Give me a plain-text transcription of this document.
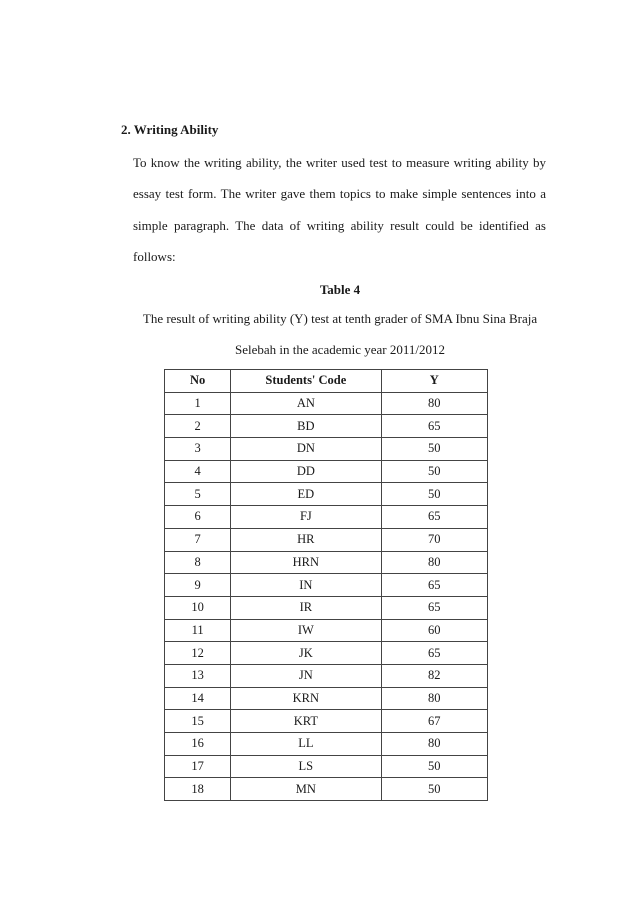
2. Writing Ability

To know the writing ability, the writer used test to measure writing ability by essay test form. The writer gave them topics to make simple sentences into a simple paragraph. The data of writing ability result could be identified as follows:

Table 4

The result of writing ability (Y) test at tenth grader of SMA Ibnu Sina Braja

Selebah in the academic year 2011/2012

No	Students' Code	Y
1	AN	80
2	BD	65
3	DN	50
4	DD	50
5	ED	50
6	FJ	65
7	HR	70
8	HRN	80
9	IN	65
10	IR	65
11	IW	60
12	JK	65
13	JN	82
14	KRN	80
15	KRT	67
16	LL	80
17	LS	50
18	MN	50
